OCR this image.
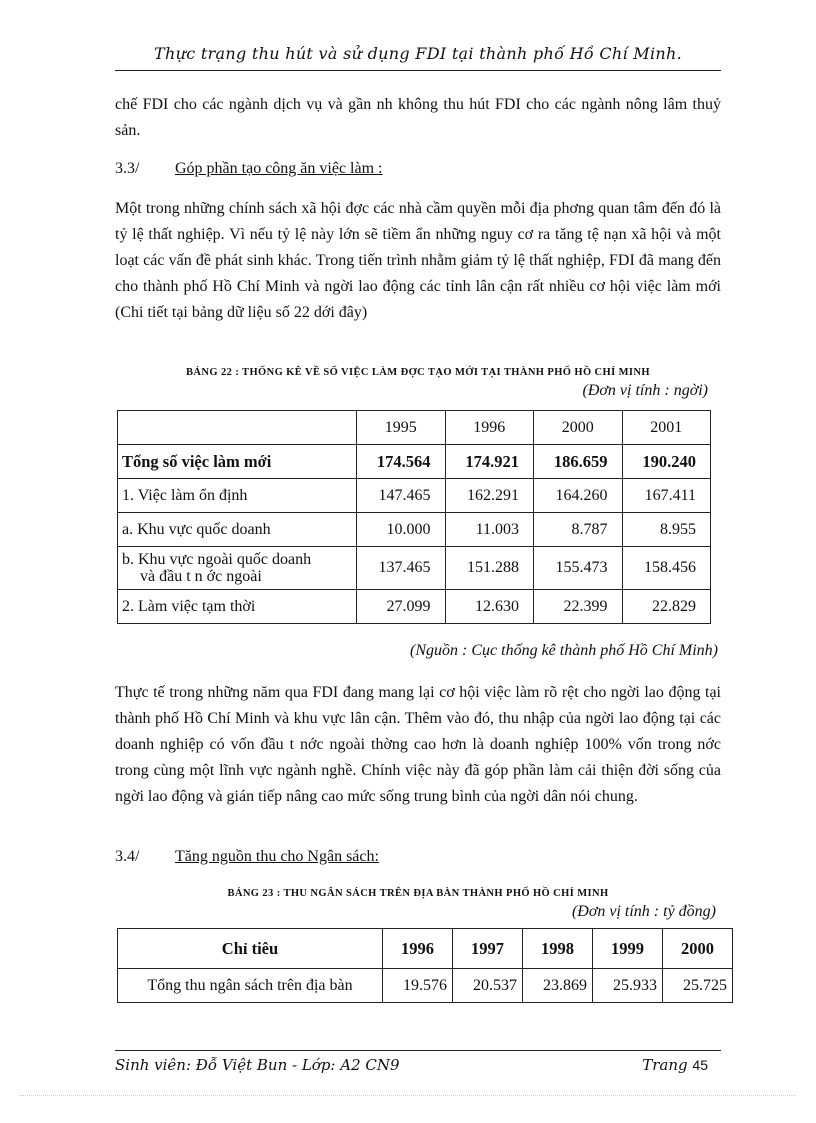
Thực trạng thu hút và sử dụng FDI tại thành phố Hồ Chí Minh.
chế FDI cho các ngành dịch vụ và gần nh không thu hút FDI cho các ngành nông lâm thuỷ sản.
3.3/ Góp phần tạo công ăn việc làm :
Một trong những chính sách xã hội đợc các nhà cầm quyền mỗi địa phơng quan tâm đến đó là tỷ lệ thất nghiệp. Vì nếu tỷ lệ này lớn sẽ tiềm ẩn những nguy cơ ra tăng tệ nạn xã hội và một loạt các vấn đề phát sinh khác. Trong tiến trình nhằm giảm tỷ lệ thất nghiệp, FDI đã mang đến cho thành phố Hồ Chí Minh và ngời lao động các tỉnh lân cận rất nhiều cơ hội việc làm mới (Chi tiết tại bảng dữ liệu số 22 dới đây)
BẢNG 22 : THỐNG KÊ VỀ SỐ VIỆC LÀM ĐỢC TẠO MỚI TẠI THÀNH PHỐ HỒ CHÍ MINH
(Đơn vị tính : ngời)
	1995	1996	2000	2001
Tổng số việc làm mới	174.564	174.921	186.659	190.240
1. Việc làm ổn định	147.465	162.291	164.260	167.411
a. Khu vực quốc doanh	10.000	11.003	8.787	8.955

b. Khu vực ngoài quốc doanh
và đầu t n ớc ngoài	137.465	151.288	155.473	158.456
2. Làm việc tạm thời	27.099	12.630	22.399	22.829
(Nguồn : Cục thống kê thành phố Hồ Chí Minh)
Thực tế trong những năm qua FDI đang mang lại cơ hội việc làm rõ rệt cho ngời lao động tại thành phố Hồ Chí Minh và khu vực lân cận. Thêm vào đó, thu nhập của ngời lao động tại các doanh nghiệp có vốn đầu t nớc ngoài thờng cao hơn là doanh nghiệp 100% vốn trong nớc trong cùng một lĩnh vực ngành nghề. Chính việc này đã góp phần làm cải thiện đời sống của ngời lao động và gián tiếp nâng cao mức sống trung bình của ngời dân nói chung.
3.4/ Tăng nguồn thu cho Ngân sách:
BẢNG 23 : THU NGÂN SÁCH TRÊN ĐỊA BÀN THÀNH PHỐ HỒ CHÍ MINH
(Đơn vị tính : tỷ đồng)
Chỉ tiêu	1996	1997	1998	1999	2000
Tổng thu ngân sách trên địa bàn	19.576	20.537	23.869	25.933	25.725
Sinh viên: Đỗ Việt Bun - Lớp: A2 CN9	Trang 45
